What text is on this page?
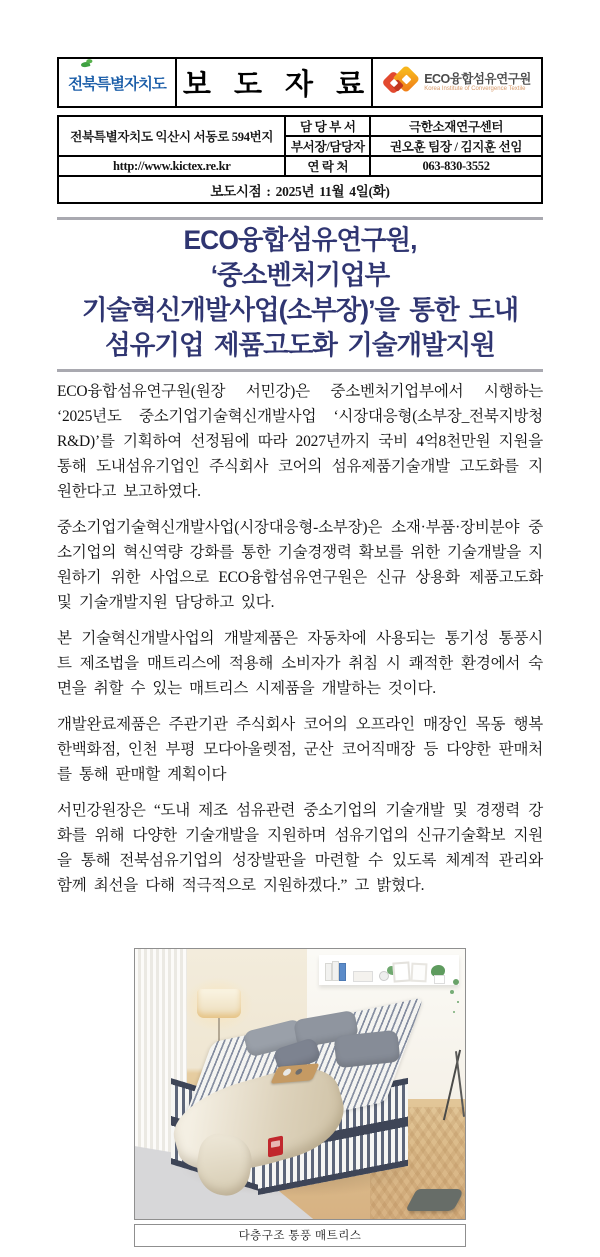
전북특별자치도 보 도 자 료	ECO융합섬유연구원
Korea Institute of Convergence Textile
전북특별자치도 익산시 서동로 594번지	담 당 부 서	극한소재연구센터
	부서장/담당자	권오훈 팀장 / 김지훈 선임
http://www.kictex.re.kr	연 락 처	063-830-3552
보도시점 : 2025년 11월 4일(화)		
ECO융합섬유연구원,
‘중소벤처기업부
기술혁신개발사업(소부장)’을 통한 도내
섬유기업 제품고도화 기술개발지원

ECO융합섬유연구원(원장 서민강)은 중소벤처기업부에서 시행하는 ‘2025년도 중소기업기술혁신개발사업 ‘시장대응형(소부장_전북지방청 R&D)’를 기획하여 선정됨에 따라 2027년까지 국비 4억8천만원 지원을 통해 도내섬유기업인 주식회사 코어의 섬유제품기술개발 고도화를 지원한다고 보고하였다.

중소기업기술혁신개발사업(시장대응형-소부장)은 소재·부품·장비분야 중소기업의 혁신역량 강화를 통한 기술경쟁력 확보를 위한 기술개발을 지원하기 위한 사업으로 ECO융합섬유연구원은 신규 상용화 제품고도화 및 기술개발지원 담당하고 있다.

본 기술혁신개발사업의 개발제품은 자동차에 사용되는 통기성 통풍시트 제조법을 매트리스에 적용해 소비자가 취침 시 쾌적한 환경에서 숙면을 취할 수 있는 매트리스 시제품을 개발하는 것이다.

개발완료제품은 주관기관 주식회사 코어의 오프라인 매장인 목동 행복한백화점, 인천 부평 모다아울렛점, 군산 코어직매장 등 다양한 판매처를 통해 판매할 계획이다

서민강원장은 “도내 제조 섬유관련 중소기업의 기술개발 및 경쟁력 강화를 위해 다양한 기술개발을 지원하며 섬유기업의 신규기술확보 지원을 통해 전북섬유기업의 성장발판을 마련할 수 있도록 체계적 관리와 함께 최선을 다해 적극적으로 지원하겠다.” 고 밝혔다.

다층구조 통풍 매트리스
